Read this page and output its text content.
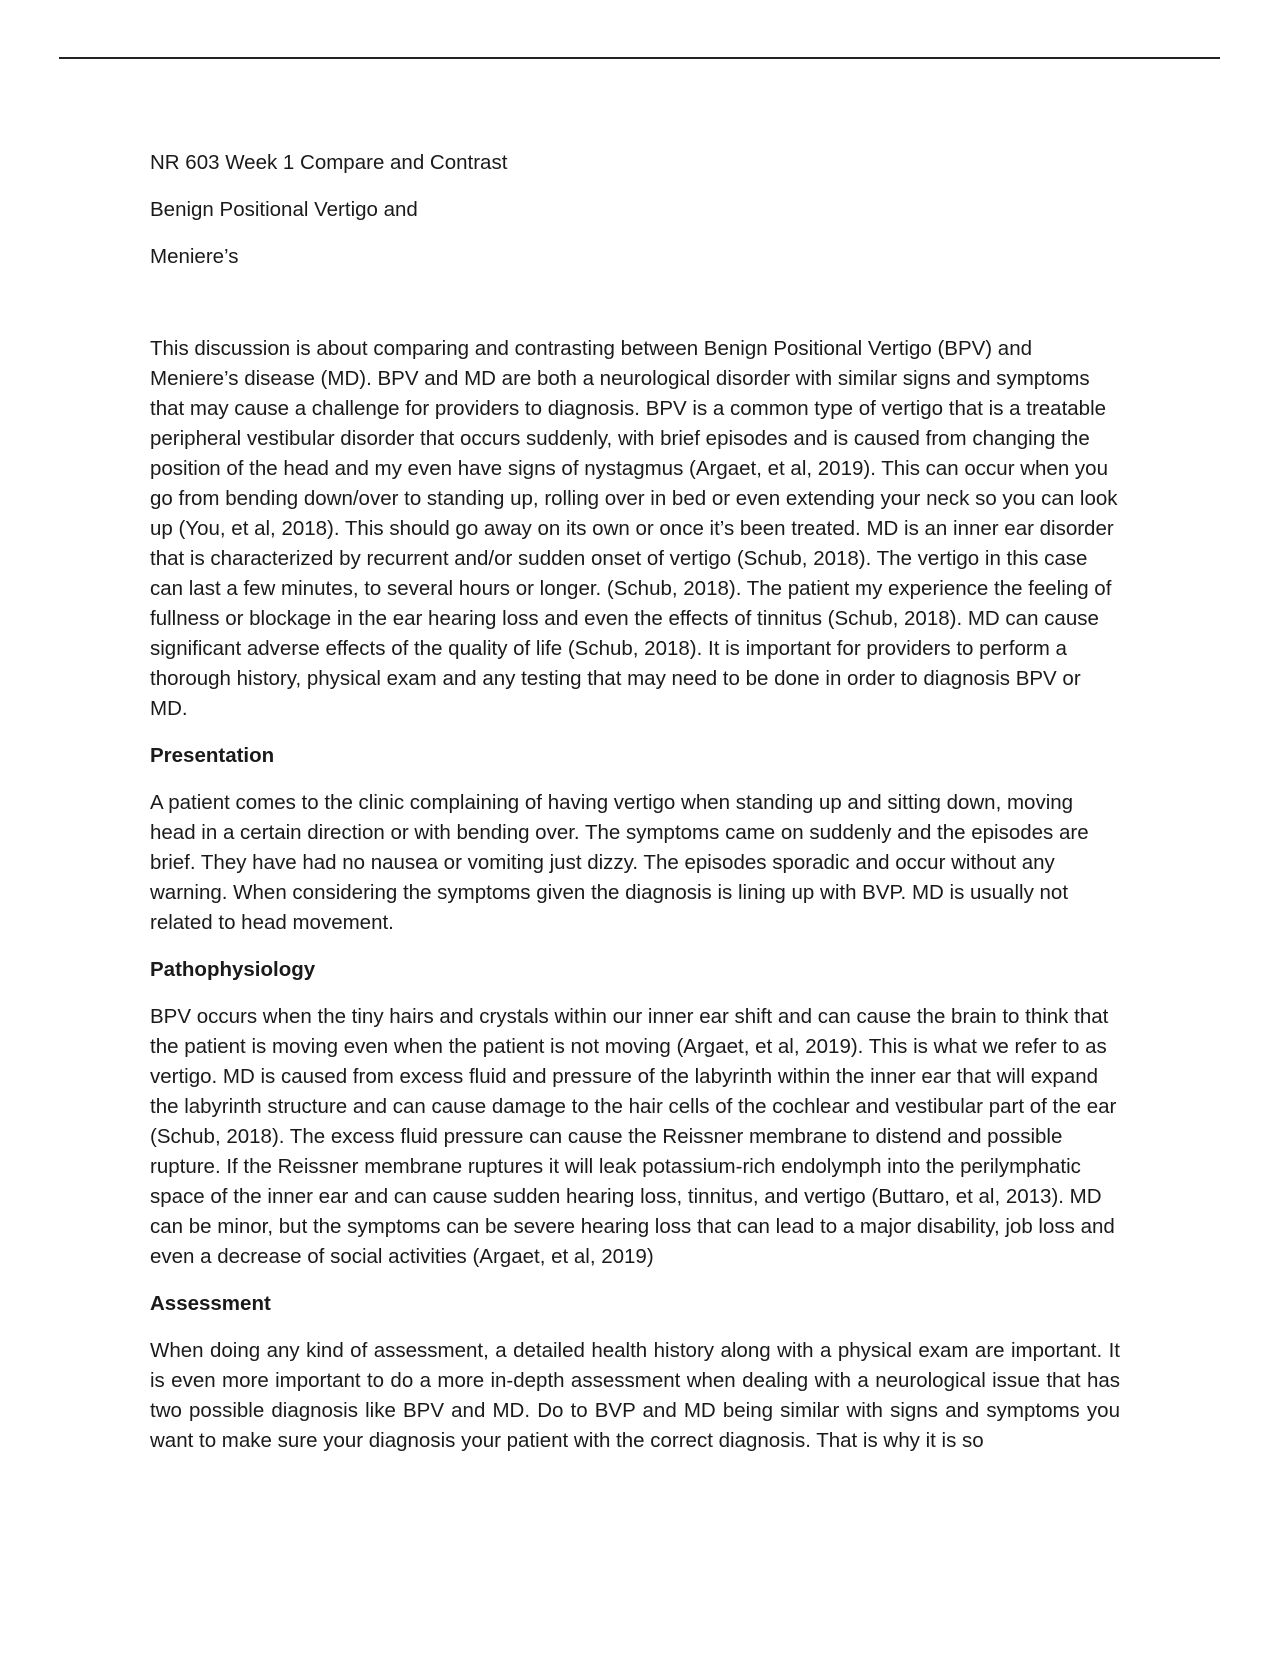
NR 603 Week 1 Compare and Contrast

Benign Positional Vertigo and

Meniere’s

This discussion is about comparing and contrasting between Benign Positional Vertigo (BPV) and Meniere’s disease (MD). BPV and MD are both a neurological disorder with similar signs and symptoms that may cause a challenge for providers to diagnosis. BPV is a common type of vertigo that is a treatable peripheral vestibular disorder that occurs suddenly, with brief episodes and is caused from changing the position of the head and my even have signs of nystagmus (Argaet, et al, 2019). This can occur when you go from bending down/over to standing up, rolling over in bed or even extending your neck so you can look up (You, et al, 2018). This should go away on its own or once it’s been treated. MD is an inner ear disorder that is characterized by recurrent and/or sudden onset of vertigo (Schub, 2018). The vertigo in this case can last a few minutes, to several hours or longer. (Schub, 2018). The patient my experience the feeling of fullness or blockage in the ear hearing loss and even the effects of tinnitus (Schub, 2018). MD can cause significant adverse effects of the quality of life (Schub, 2018). It is important for providers to perform a thorough history, physical exam and any testing that may need to be done in order to diagnosis BPV or MD.

Presentation

A patient comes to the clinic complaining of having vertigo when standing up and sitting down, moving head in a certain direction or with bending over. The symptoms came on suddenly and the episodes are brief. They have had no nausea or vomiting just dizzy. The episodes sporadic and occur without any warning. When considering the symptoms given the diagnosis is lining up with BVP. MD is usually not related to head movement.

Pathophysiology

BPV occurs when the tiny hairs and crystals within our inner ear shift and can cause the brain to think that the patient is moving even when the patient is not moving (Argaet, et al, 2019). This is what we refer to as vertigo. MD is caused from excess fluid and pressure of the labyrinth within the inner ear that will expand the labyrinth structure and can cause damage to the hair cells of the cochlear and vestibular part of the ear (Schub, 2018). The excess fluid pressure can cause the Reissner membrane to distend and possible rupture. If the Reissner membrane ruptures it will leak potassium-rich endolymph into the perilymphatic space of the inner ear and can cause sudden hearing loss, tinnitus, and vertigo (Buttaro, et al, 2013). MD can be minor, but the symptoms can be severe hearing loss that can lead to a major disability, job loss and even a decrease of social activities (Argaet, et al, 2019)

Assessment

When doing any kind of assessment, a detailed health history along with a physical exam are important. It is even more important to do a more in-depth assessment when dealing with a neurological issue that has two possible diagnosis like BPV and MD. Do to BVP and MD being similar with signs and symptoms you want to make sure your diagnosis your patient with the correct diagnosis. That is why it is so
